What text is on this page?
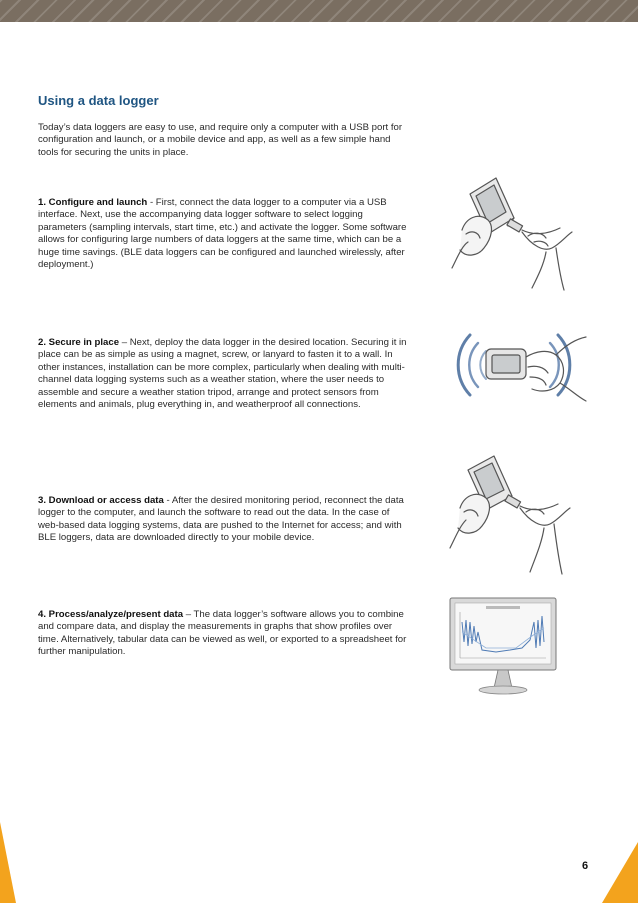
Using a data logger

Today’s data loggers are easy to use, and require only a computer with a USB port for configuration and launch, or a mobile device and app, as well as a few simple hand tools for securing the units in place.

1. Configure and launch - First, connect the data logger to a computer via a USB interface. Next, use the accompanying data logger software to select logging parameters (sampling intervals, start time, etc.) and activate the logger. Some software allows for configuring large numbers of data loggers at the same time, which can be a huge time savings. (BLE data loggers can be configured and launched wirelessly, after deployment.)

2. Secure in place – Next, deploy the data logger in the desired location. Securing it in place can be as simple as using a magnet, screw, or lanyard to fasten it to a wall. In other instances, installation can be more complex, particularly when dealing with multi-channel data logging systems such as a weather station, where the user needs to assemble and secure a weather station tripod, arrange and protect sensors from elements and animals, plug everything in, and weatherproof all connections.

3. Download or access data - After the desired monitoring period, reconnect the data logger to the computer, and launch the software to read out the data. In the case of web-based data logging systems, data are pushed to the Internet for access; and with BLE loggers, data are downloaded directly to your mobile device.

4. Process/analyze/present data – The data logger’s software allows you to combine and compare data, and display the measurements in graphs that show profiles over time. Alternatively, tabular data can be viewed as well, or exported to a spreadsheet for further manipulation.

6
